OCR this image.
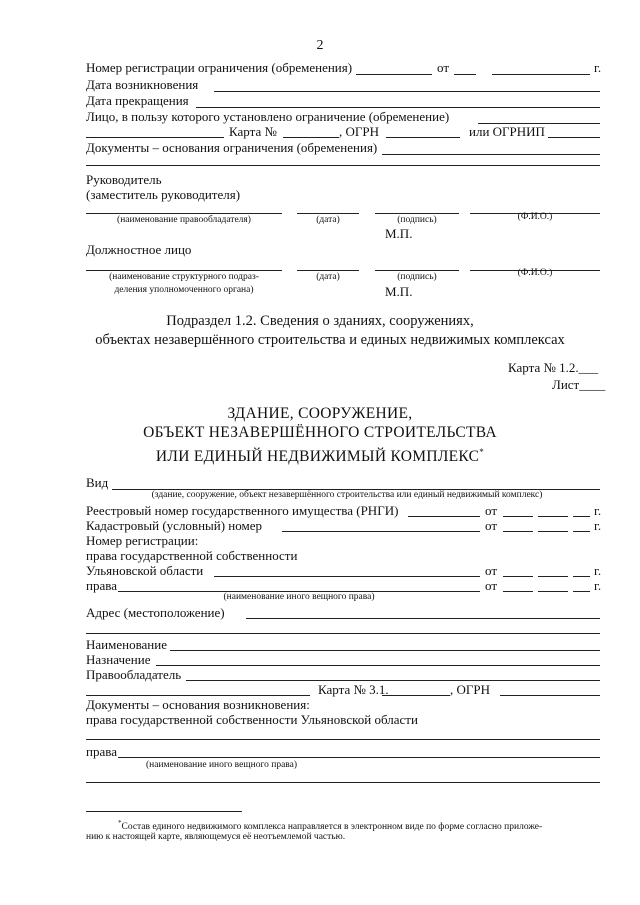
2
Номер регистрации ограничения (обременения)	от	г.
Дата возникновения
Дата прекращения
Лицо, в пользу которого установлено ограничение (обременение)
Карта №	, ОГРН	или ОГРНИП
Документы – основания ограничения (обременения)
Руководитель
(заместитель руководителя)
(наименование правообладателя)	(дата)	(подпись)	(Ф.И.О.)
М.П.
Должностное лицо
(наименование структурного подраз-
деления уполномоченного органа)
(дата)	(подпись)	(Ф.И.О.)
М.П.
Подраздел 1.2. Сведения о зданиях, сооружениях,
объектах незавершённого строительства и единых недвижимых комплексах
Карта № 1.2.___
Лист____
ЗДАНИЕ, СООРУЖЕНИЕ,
ОБЪЕКТ НЕЗАВЕРШЁННОГО СТРОИТЕЛЬСТВА
ИЛИ ЕДИНЫЙ НЕДВИЖИМЫЙ КОМПЛЕКС*
Вид
(здание, сооружение, объект незавершённого строительства или единый недвижимый комплекс)
Реестровый номер государственного имущества (РНГИ)	от	г.
Кадастровый (условный) номер	от	г.
Номер регистрации:
права государственной собственности
Ульяновской области	от	г.
права	от	г.
(наименование иного вещного права)
Адрес (местоположение)
Наименование
Назначение
Правообладатель
Карта № 3.1.	, ОГРН
Документы – основания возникновения:
права государственной собственности Ульяновской области
права
(наименование иного вещного права)
*Состав единого недвижимого комплекса направляется в электронном виде по форме согласно приложе-
нию к настоящей карте, являющемуся её неотъемлемой частью.
